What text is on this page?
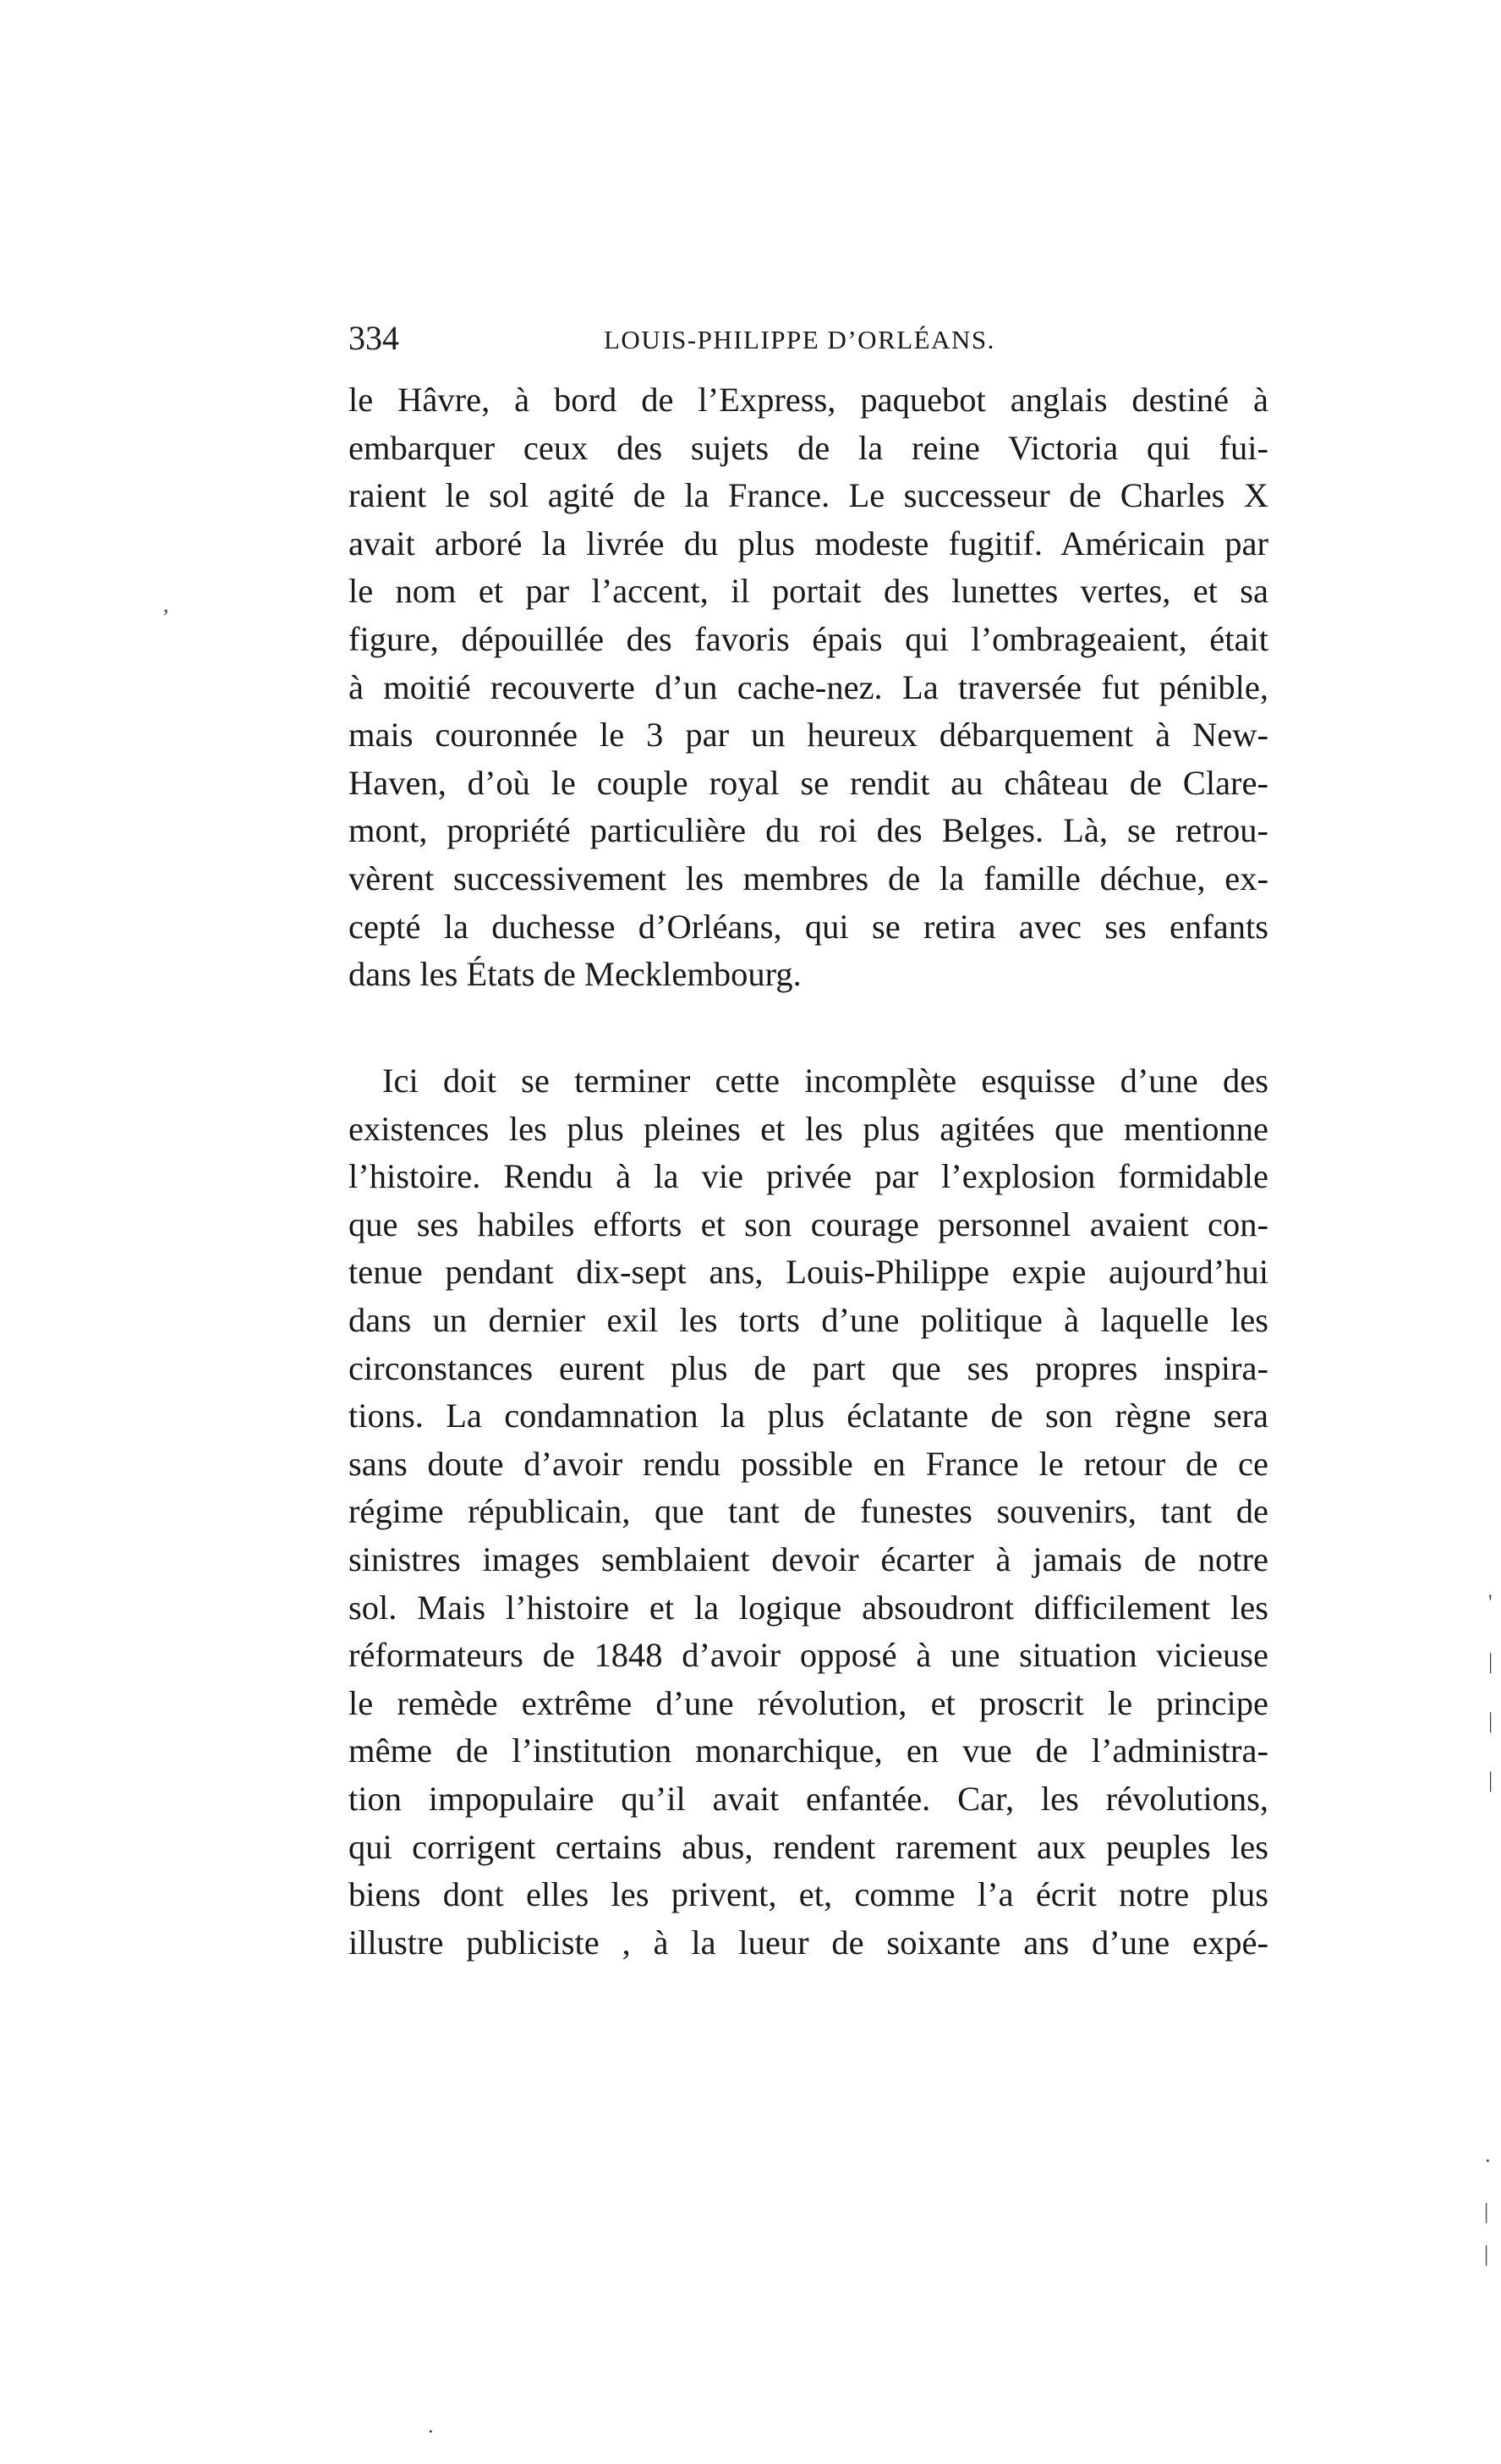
334	LOUIS-PHILIPPE D’ORLÉANS.
le Hâvre, à bord de l’Express, paquebot anglais destiné à
embarquer ceux des sujets de la reine Victoria qui fui-
raient le sol agité de la France. Le successeur de Charles X
avait arboré la livrée du plus modeste fugitif. Américain par
le nom et par l’accent, il portait des lunettes vertes, et sa
figure, dépouillée des favoris épais qui l’ombrageaient, était
à moitié recouverte d’un cache-nez. La traversée fut pénible,
mais couronnée le 3 par un heureux débarquement à New-
Haven, d’où le couple royal se rendit au château de Clare-
mont, propriété particulière du roi des Belges. Là, se retrou-
vèrent successivement les membres de la famille déchue, ex-
cepté la duchesse d’Orléans, qui se retira avec ses enfants
dans les États de Mecklembourg.
Ici doit se terminer cette incomplète esquisse d’une des
existences les plus pleines et les plus agitées que mentionne
l’histoire. Rendu à la vie privée par l’explosion formidable
que ses habiles efforts et son courage personnel avaient con-
tenue pendant dix-sept ans, Louis-Philippe expie aujourd’hui
dans un dernier exil les torts d’une politique à laquelle les
circonstances eurent plus de part que ses propres inspira-
tions. La condamnation la plus éclatante de son règne sera
sans doute d’avoir rendu possible en France le retour de ce
régime républicain, que tant de funestes souvenirs, tant de
sinistres images semblaient devoir écarter à jamais de notre
sol. Mais l’histoire et la logique absoudront difficilement les
réformateurs de 1848 d’avoir opposé à une situation vicieuse
le remède extrême d’une révolution, et proscrit le principe
même de l’institution monarchique, en vue de l’administra-
tion impopulaire qu’il avait enfantée. Car, les révolutions,
qui corrigent certains abus, rendent rarement aux peuples les
biens dont elles les privent, et, comme l’a écrit notre plus
illustre publiciste , à la lueur de soixante ans d’une expé-
,
'
|
|
|
·
|
|
·
